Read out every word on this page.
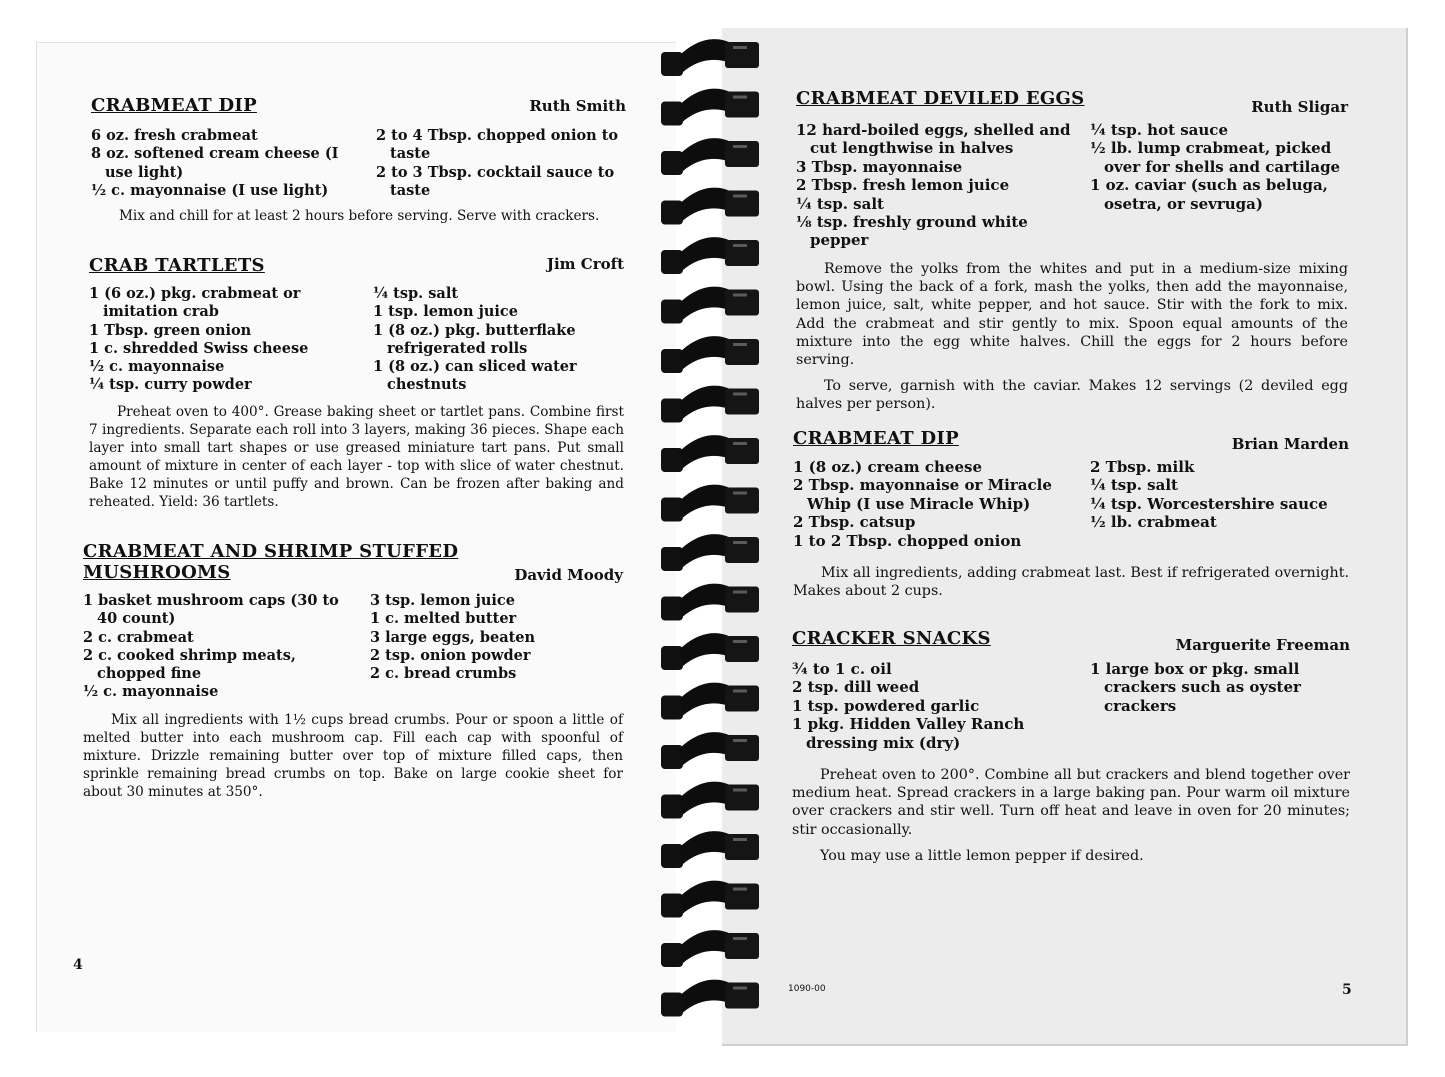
CRABMEAT DIP	Ruth Smith
6 oz. fresh crabmeat
8 oz. softened cream cheese (I use light)
½ c. mayonnaise (I use light)
2 to 4 Tbsp. chopped onion to taste
2 to 3 Tbsp. cocktail sauce to taste

Mix and chill for at least 2 hours before serving. Serve with crackers.

CRAB TARTLETS	Jim Croft
1 (6 oz.) pkg. crabmeat or imitation crab
1 Tbsp. green onion
1 c. shredded Swiss cheese
½ c. mayonnaise
¼ tsp. curry powder
¼ tsp. salt
1 tsp. lemon juice
1 (8 oz.) pkg. butterflake refrigerated rolls
1 (8 oz.) can sliced water chestnuts

Preheat oven to 400°. Grease baking sheet or tartlet pans. Combine first 7 ingredients. Separate each roll into 3 layers, making 36 pieces. Shape each layer into small tart shapes or use greased miniature tart pans. Put small amount of mixture in center of each layer - top with slice of water chestnut. Bake 12 minutes or until puffy and brown. Can be frozen after baking and reheated. Yield: 36 tartlets.

CRABMEAT AND SHRIMP STUFFED
MUSHROOMS	David Moody
1 basket mushroom caps (30 to 40 count)
2 c. crabmeat
2 c. cooked shrimp meats, chopped fine
½ c. mayonnaise
3 tsp. lemon juice
1 c. melted butter
3 large eggs, beaten
2 tsp. onion powder
2 c. bread crumbs

Mix all ingredients with 1½ cups bread crumbs. Pour or spoon a little of melted butter into each mushroom cap. Fill each cap with spoonful of mixture. Drizzle remaining butter over top of mixture filled caps, then sprinkle remaining bread crumbs on top. Bake on large cookie sheet for about 30 minutes at 350°.

4
CRABMEAT DEVILED EGGS	Ruth Sligar
12 hard-boiled eggs, shelled and cut lengthwise in halves
3 Tbsp. mayonnaise
2 Tbsp. fresh lemon juice
¼ tsp. salt
⅛ tsp. freshly ground white pepper
¼ tsp. hot sauce
½ lb. lump crabmeat, picked over for shells and cartilage
1 oz. caviar (such as beluga, osetra, or sevruga)

Remove the yolks from the whites and put in a medium-size mixing bowl. Using the back of a fork, mash the yolks, then add the mayonnaise, lemon juice, salt, white pepper, and hot sauce. Stir with the fork to mix. Add the crabmeat and stir gently to mix. Spoon equal amounts of the mixture into the egg white halves. Chill the eggs for 2 hours before serving.

To serve, garnish with the caviar. Makes 12 servings (2 deviled egg halves per person).

CRABMEAT DIP	Brian Marden
1 (8 oz.) cream cheese
2 Tbsp. mayonnaise or Miracle Whip (I use Miracle Whip)
2 Tbsp. catsup
1 to 2 Tbsp. chopped onion
2 Tbsp. milk
¼ tsp. salt
¼ tsp. Worcestershire sauce
½ lb. crabmeat

Mix all ingredients, adding crabmeat last. Best if refrigerated overnight. Makes about 2 cups.

CRACKER SNACKS	Marguerite Freeman
¾ to 1 c. oil
2 tsp. dill weed
1 tsp. powdered garlic
1 pkg. Hidden Valley Ranch dressing mix (dry)
1 large box or pkg. small crackers such as oyster crackers

Preheat oven to 200°. Combine all but crackers and blend together over medium heat. Spread crackers in a large baking pan. Pour warm oil mixture over crackers and stir well. Turn off heat and leave in oven for 20 minutes; stir occasionally.

You may use a little lemon pepper if desired.

1090-00	5
